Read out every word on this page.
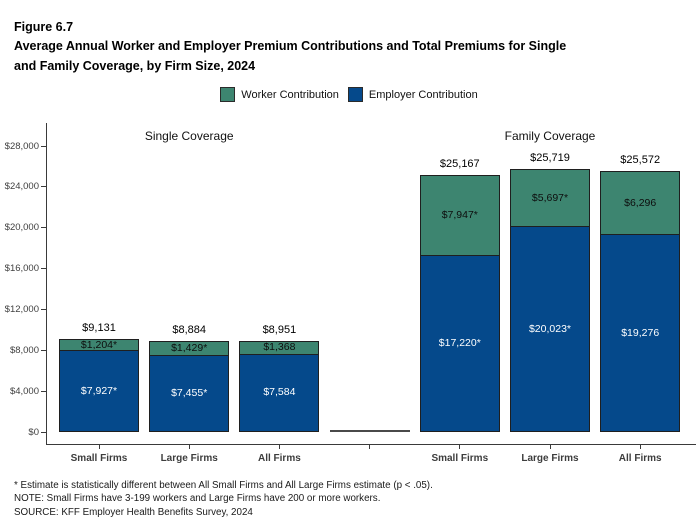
Figure 6.7
Average Annual Worker and Employer Premium Contributions and Total Premiums for Single
and Family Coverage, by Firm Size, 2024
Worker Contribution	Employer Contribution
$0
$4,000
$8,000
$12,000
$16,000
$20,000
$24,000
$28,000
Single Coverage
$1,204*
$7,927*
$9,131
Small Firms
$1,429*
$7,455*
$8,884
Large Firms
$1,368
$7,584
$8,951
All Firms
Family Coverage
$7,947*
$17,220*
$25,167
Small Firms
$5,697*
$20,023*
$25,719
Large Firms
$6,296
$19,276
$25,572
All Firms
* Estimate is statistically different between All Small Firms and All Large Firms estimate (p < .05).
NOTE: Small Firms have 3-199 workers and Large Firms have 200 or more workers.
SOURCE: KFF Employer Health Benefits Survey, 2024
